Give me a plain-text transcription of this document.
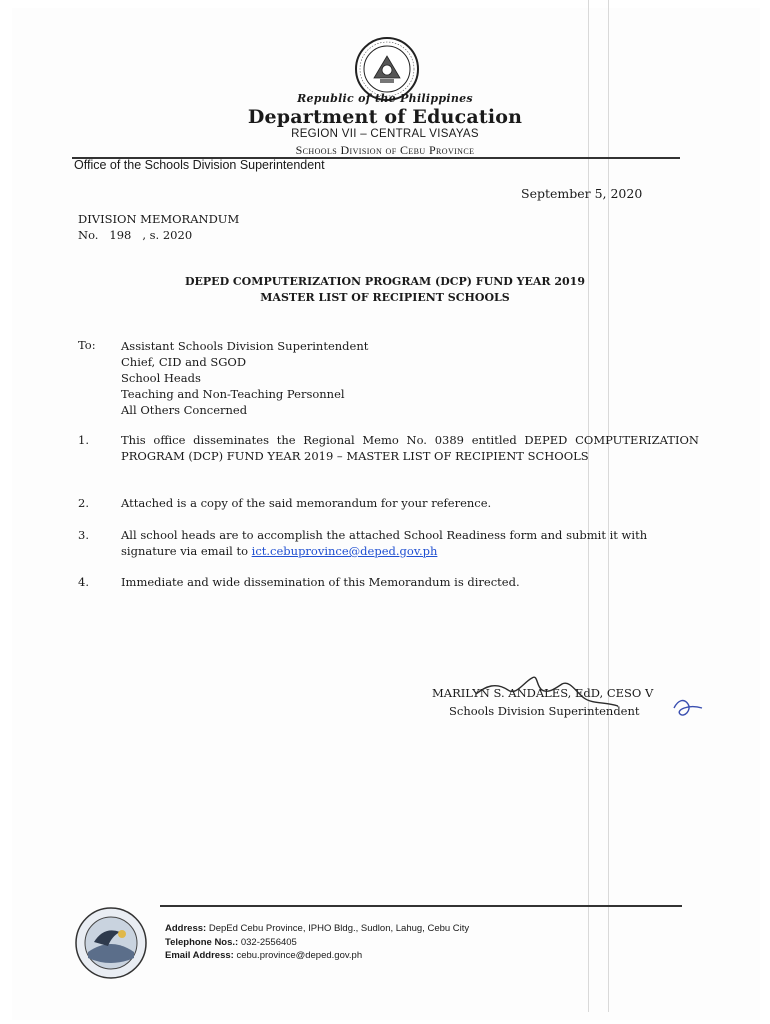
Republic of the Philippines
Department of Education
REGION VII – CENTRAL VISAYAS
Schools Division of Cebu Province
Office of the Schools Division Superintendent
September 5, 2020
DIVISION MEMORANDUM
No. 198 , s. 2020
DEPED COMPUTERIZATION PROGRAM (DCP) FUND YEAR 2019
MASTER LIST OF RECIPIENT SCHOOLS
To: Assistant Schools Division Superintendent
Chief, CID and SGOD
School Heads
Teaching and Non-Teaching Personnel
All Others Concerned
1.	This office disseminates the Regional Memo No. 0389 entitled DEPED COMPUTERIZATION PROGRAM (DCP) FUND YEAR 2019 – MASTER LIST OF RECIPIENT SCHOOLS
2.	Attached is a copy of the said memorandum for your reference.
3.	All school heads are to accomplish the attached School Readiness form and submit it with signature via email to ict.cebuprovince@deped.gov.ph
4.	Immediate and wide dissemination of this Memorandum is directed.
MARILYN S. ANDALES, EdD, CESO V
Schools Division Superintendent
Address: DepEd Cebu Province, IPHO Bldg., Sudlon, Lahug, Cebu City
Telephone Nos.: 032-2556405
Email Address: cebu.province@deped.gov.ph
